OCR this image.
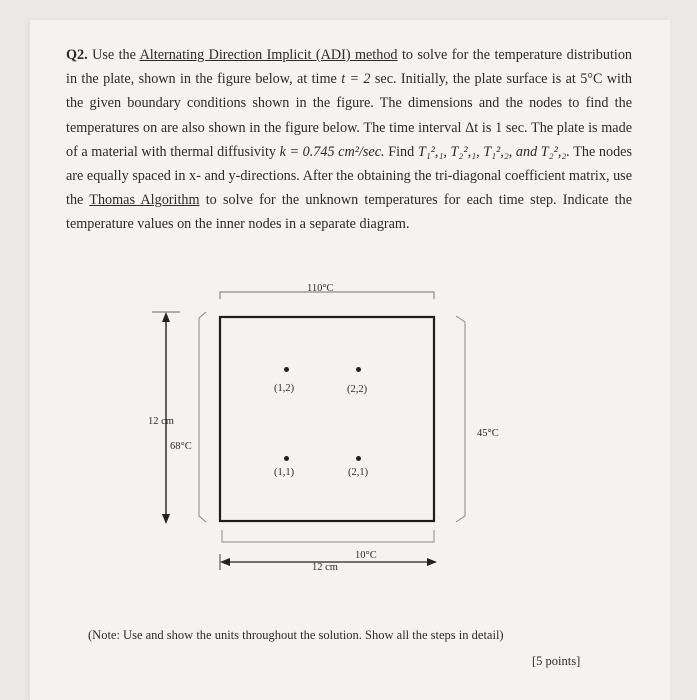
Q2. Use the Alternating Direction Implicit (ADI) method to solve for the temperature distribution in the plate, shown in the figure below, at time t = 2 sec. Initially, the plate surface is at 5°C with the given boundary conditions shown in the figure. The dimensions and the nodes to find the temperatures on are also shown in the figure below. The time interval Δt is 1 sec. The plate is made of a material with thermal diffusivity k = 0.745 cm²/sec. Find T₁²,₁, T₂²,₁, T₁²,₂, and T₂²,₂. The nodes are equally spaced in x- and y-directions. After the obtaining the tri-diagonal coefficient matrix, use the Thomas Algorithm to solve for the unknown temperatures for each time step. Indicate the temperature values on the inner nodes in a separate diagram.
110°C
12 cm
68°C
45°C
10°C
12 cm
(1,2)	(2,2)
(1,1)	(2,1)
(Note: Use and show the units throughout the solution. Show all the steps in detail)
[5 points]
